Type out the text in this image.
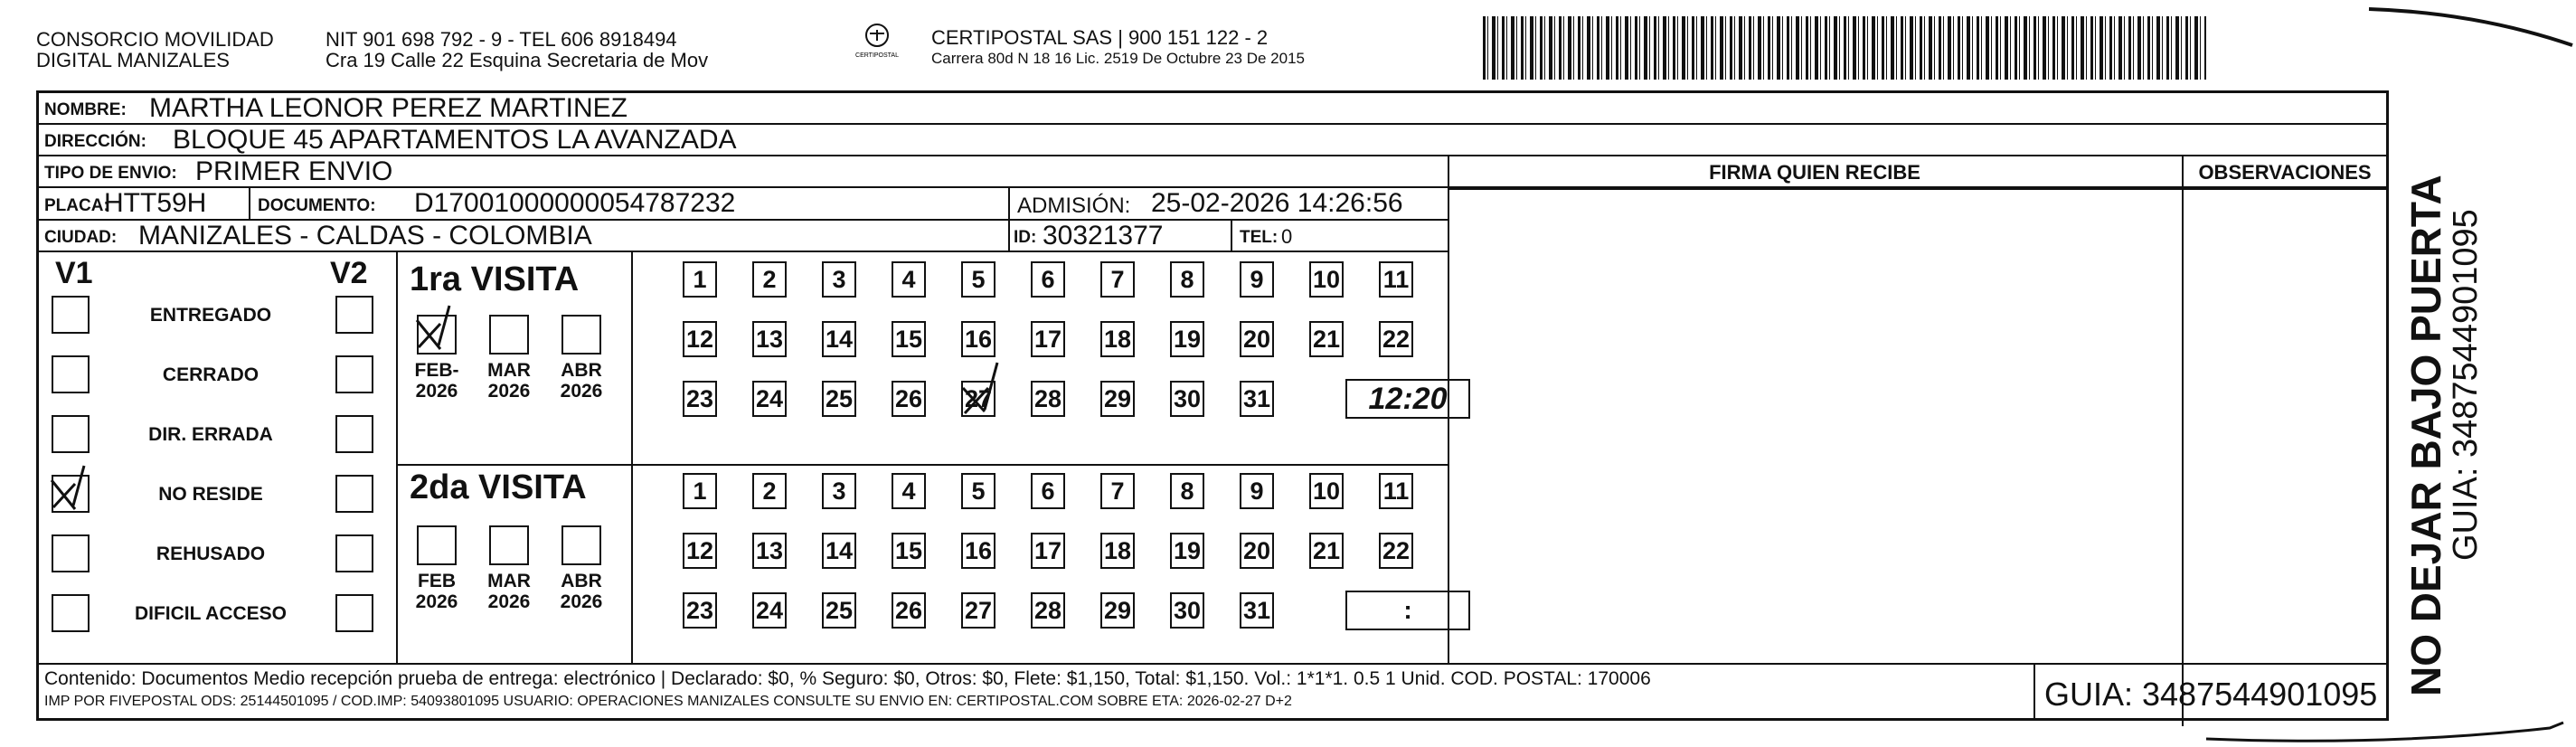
CONSORCIO MOVILIDAD
DIGITAL MANIZALES
NIT 901 698 792 - 9 - TEL 606 8918494
Cra 19 Calle 22 Esquina Secretaria de Mov	CERTIPOSTAL
CERTIPOSTAL SAS | 900 151 122 - 2
Carrera 80d N 18 16 Lic. 2519 De Octubre 23 De 2015
NOMBRE: MARTHA LEONOR PEREZ MARTINEZ
DIRECCIÓN: BLOQUE 45 APARTAMENTOS LA AVANZADA
TIPO DE ENVIO: PRIMER ENVIO
PLACA:
HTT59H	DOCUMENTO: D17001000000054787232	ADMISIÓN: 25-02-2026 14:26:56
CIUDAD: MANIZALES - CALDAS - COLOMBIA	ID: 30321377	TEL: 0
FIRMA QUIEN RECIBE	OBSERVACIONES
V1	V2
ENTREGADO
CERRADO
DIR. ERRADA
NO RESIDE
REHUSADO
DIFICIL ACCESO
1ra VISITA
2da VISITA
FEB-
2026
MAR
2026
ABR
2026
FEB
2026
MAR
2026
ABR
2026
1	2	3	4	5	6	7	8	9	10 11
12 13 14 15 16 17 18 19 20 21 22
23 24 25 26 27 28 29 30 31	12:20
1	2	3	4	5	6	7	8	9	10 11
12 13 14 15 16 17 18 19 20 21 22
23 24 25 26 27 28 29 30 31	:
Contenido: Documentos Medio recepción prueba de entrega: electrónico | Declarado: $0, % Seguro: $0, Otros: $0, Flete: $1,150, Total: $1,150. Vol.: 1*1*1. 0.5 1 Unid. COD. POSTAL: 170006
IMP POR FIVEPOSTAL ODS: 25144501095 / COD.IMP: 54093801095 USUARIO: OPERACIONES MANIZALES CONSULTE SU ENVIO EN: CERTIPOSTAL.COM SOBRE ETA: 2026-02-27 D+2	GUIA: 3487544901095 NO DEJAR BAJO PUERTA
GUIA: 3487544901095
